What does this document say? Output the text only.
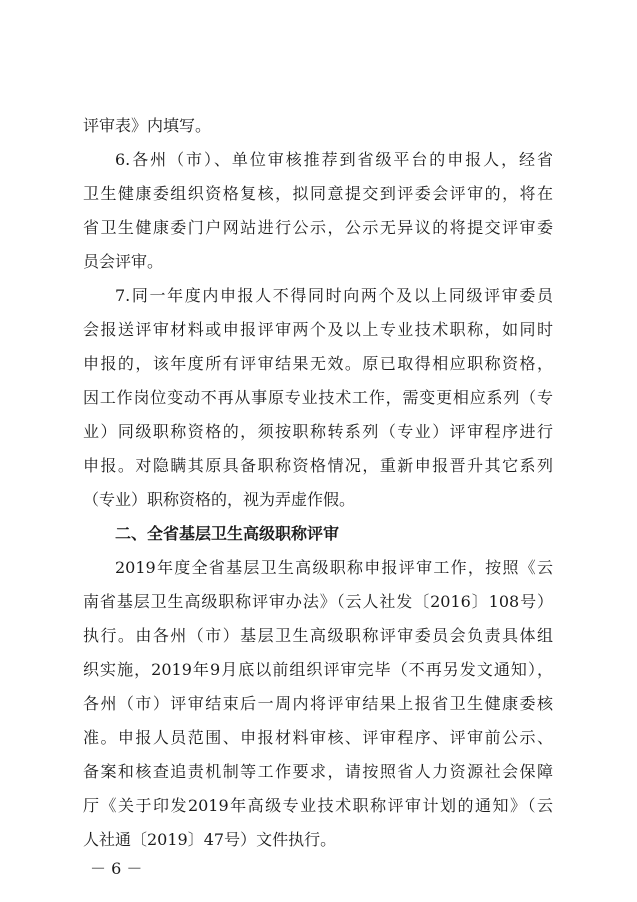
评审表》内填写。
6.各州（市）、单位审核推荐到省级平台的申报人，经省
卫生健康委组织资格复核，拟同意提交到评委会评审的，将在
省卫生健康委门户网站进行公示，公示无异议的将提交评审委
员会评审。
7.同一年度内申报人不得同时向两个及以上同级评审委员
会报送评审材料或申报评审两个及以上专业技术职称，如同时
申报的，该年度所有评审结果无效。原已取得相应职称资格，
因工作岗位变动不再从事原专业技术工作，需变更相应系列（专
业）同级职称资格的，须按职称转系列（专业）评审程序进行
申报。对隐瞒其原具备职称资格情况，重新申报晋升其它系列
（专业）职称资格的，视为弄虚作假。
二、全省基层卫生高级职称评审
2019年度全省基层卫生高级职称申报评审工作，按照《云
南省基层卫生高级职称评审办法》（云人社发〔2016〕108号）
执行。由各州（市）基层卫生高级职称评审委员会负责具体组
织实施，2019年9月底以前组织评审完毕（不再另发文通知），
各州（市）评审结束后一周内将评审结果上报省卫生健康委核
准。申报人员范围、申报材料审核、评审程序、评审前公示、
备案和核查追责机制等工作要求，请按照省人力资源社会保障
厅《关于印发2019年高级专业技术职称评审计划的通知》（云
人社通〔2019〕47号）文件执行。
－ 6 －
